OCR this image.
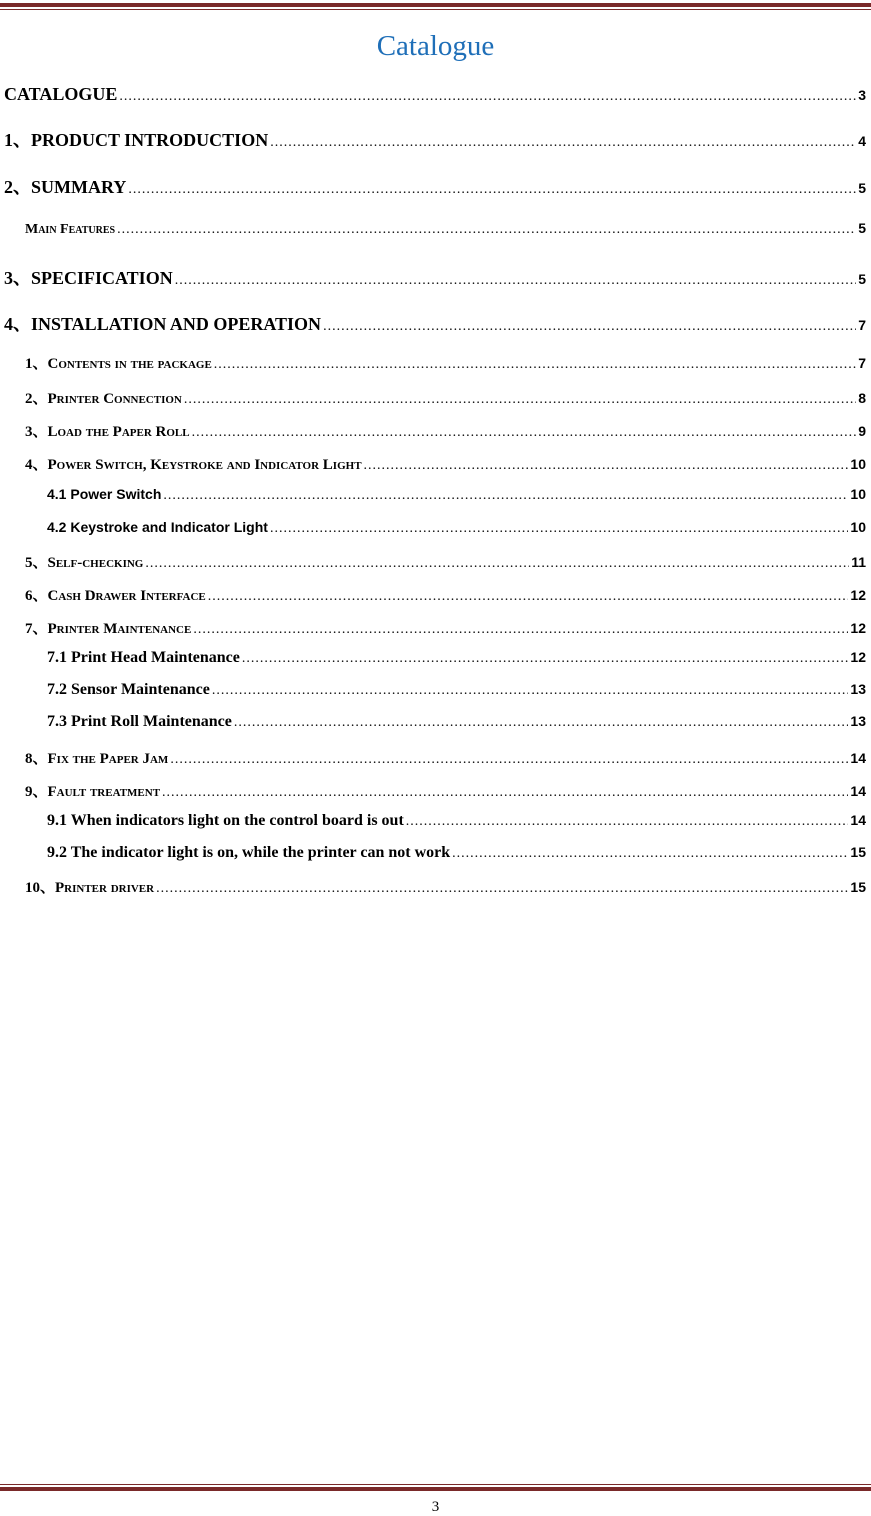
Catalogue
CATALOGUE .....	3
1、PRODUCT INTRODUCTION .....	4
2、SUMMARY .....	5
Main Features .....	5
3、SPECIFICATION .....	5
4、INSTALLATION AND OPERATION .....	7
1、Contents in the package .....	7
2、Printer Connection .....	8
3、Load the Paper Roll .....	9
4、Power Switch, Keystroke and Indicator Light .....	10
4.1 Power Switch .....	10
4.2 Keystroke and Indicator Light .....	10
5、Self-checking .....	11
6、Cash Drawer Interface .....	12
7、Printer Maintenance .....	12
7.1 Print Head Maintenance .....	12
7.2 Sensor Maintenance .....	13
7.3 Print Roll Maintenance .....	13
8、Fix the Paper Jam .....	14
9、Fault treatment .....	14
9.1 When indicators light on the control board is out .....	14
9.2 The indicator light is on, while the printer can not work .....	15
10、Printer driver .....	15
3
